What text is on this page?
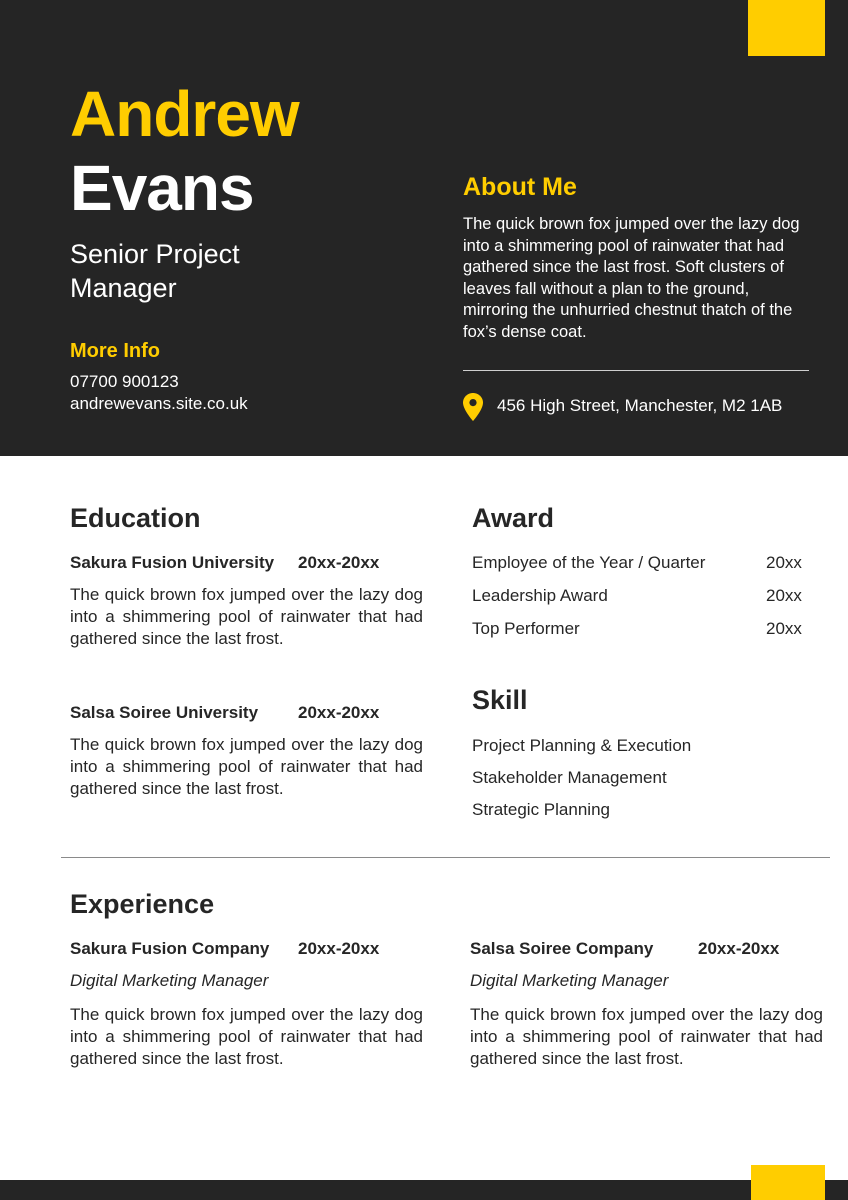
Andrew
Evans
Senior Project Manager
More Info
07700 900123
andrewevans.site.co.uk
About Me
The quick brown fox jumped over the lazy dog into a shimmering pool of rainwater that had gathered since the last frost. Soft clusters of leaves fall without a plan to the ground, mirroring the unhurried chestnut thatch of the fox’s dense coat.
456 High Street, Manchester, M2 1AB
Education
Sakura Fusion University 20xx-20xx
The quick brown fox jumped over the lazy dog into a shimmering pool of rainwater that had gathered since the last frost.
Salsa Soiree University 20xx-20xx
The quick brown fox jumped over the lazy dog into a shimmering pool of rainwater that had gathered since the last frost.
Award
Employee of the Year / Quarter	20xx
Leadership Award	20xx
Top Performer	20xx
Skill
Project Planning & Execution
Stakeholder Management
Strategic Planning
Experience
Sakura Fusion Company 20xx-20xx
Digital Marketing Manager
The quick brown fox jumped over the lazy dog into a shimmering pool of rainwater that had gathered since the last frost.
Salsa Soiree Company	20xx-20xx
Digital Marketing Manager
The quick brown fox jumped over the lazy dog into a shimmering pool of rainwater that had gathered since the last frost.
